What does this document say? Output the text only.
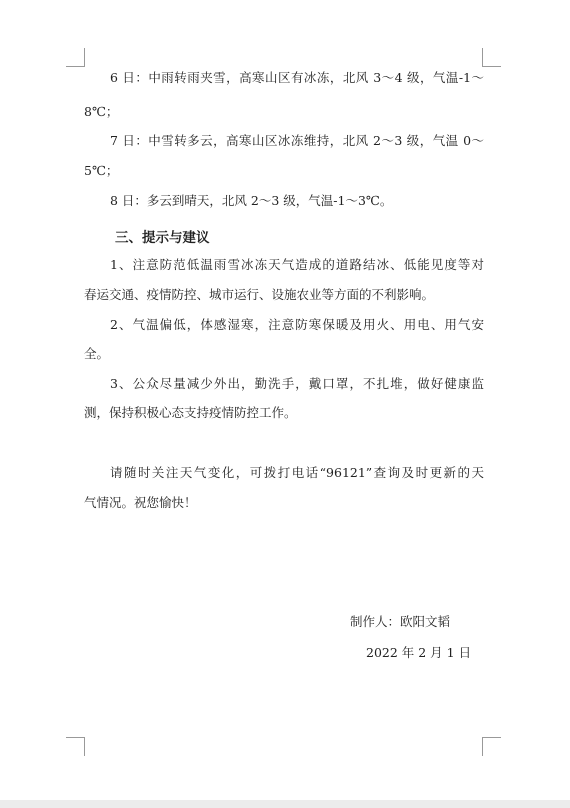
6 日：中雨转雨夹雪，高寒山区有冰冻，北风 3～4 级，气温-1～
8℃；
7 日：中雪转多云，高寒山区冰冻维持，北风 2～3 级，气温 0～
5℃；
8 日：多云到晴天，北风 2～3 级，气温-1～3℃。
三、提示与建议
1、注意防范低温雨雪冰冻天气造成的道路结冰、低能见度等对
春运交通、疫情防控、城市运行、设施农业等方面的不利影响。
2、气温偏低，体感湿寒，注意防寒保暖及用火、用电、用气安
全。
3、公众尽量减少外出，勤洗手，戴口罩，不扎堆，做好健康监
测，保持积极心态支持疫情防控工作。
请随时关注天气变化，可拨打电话“96121”查询及时更新的天
气情况。祝您愉快！
制作人：欧阳文韬
2022 年 2 月 1 日
